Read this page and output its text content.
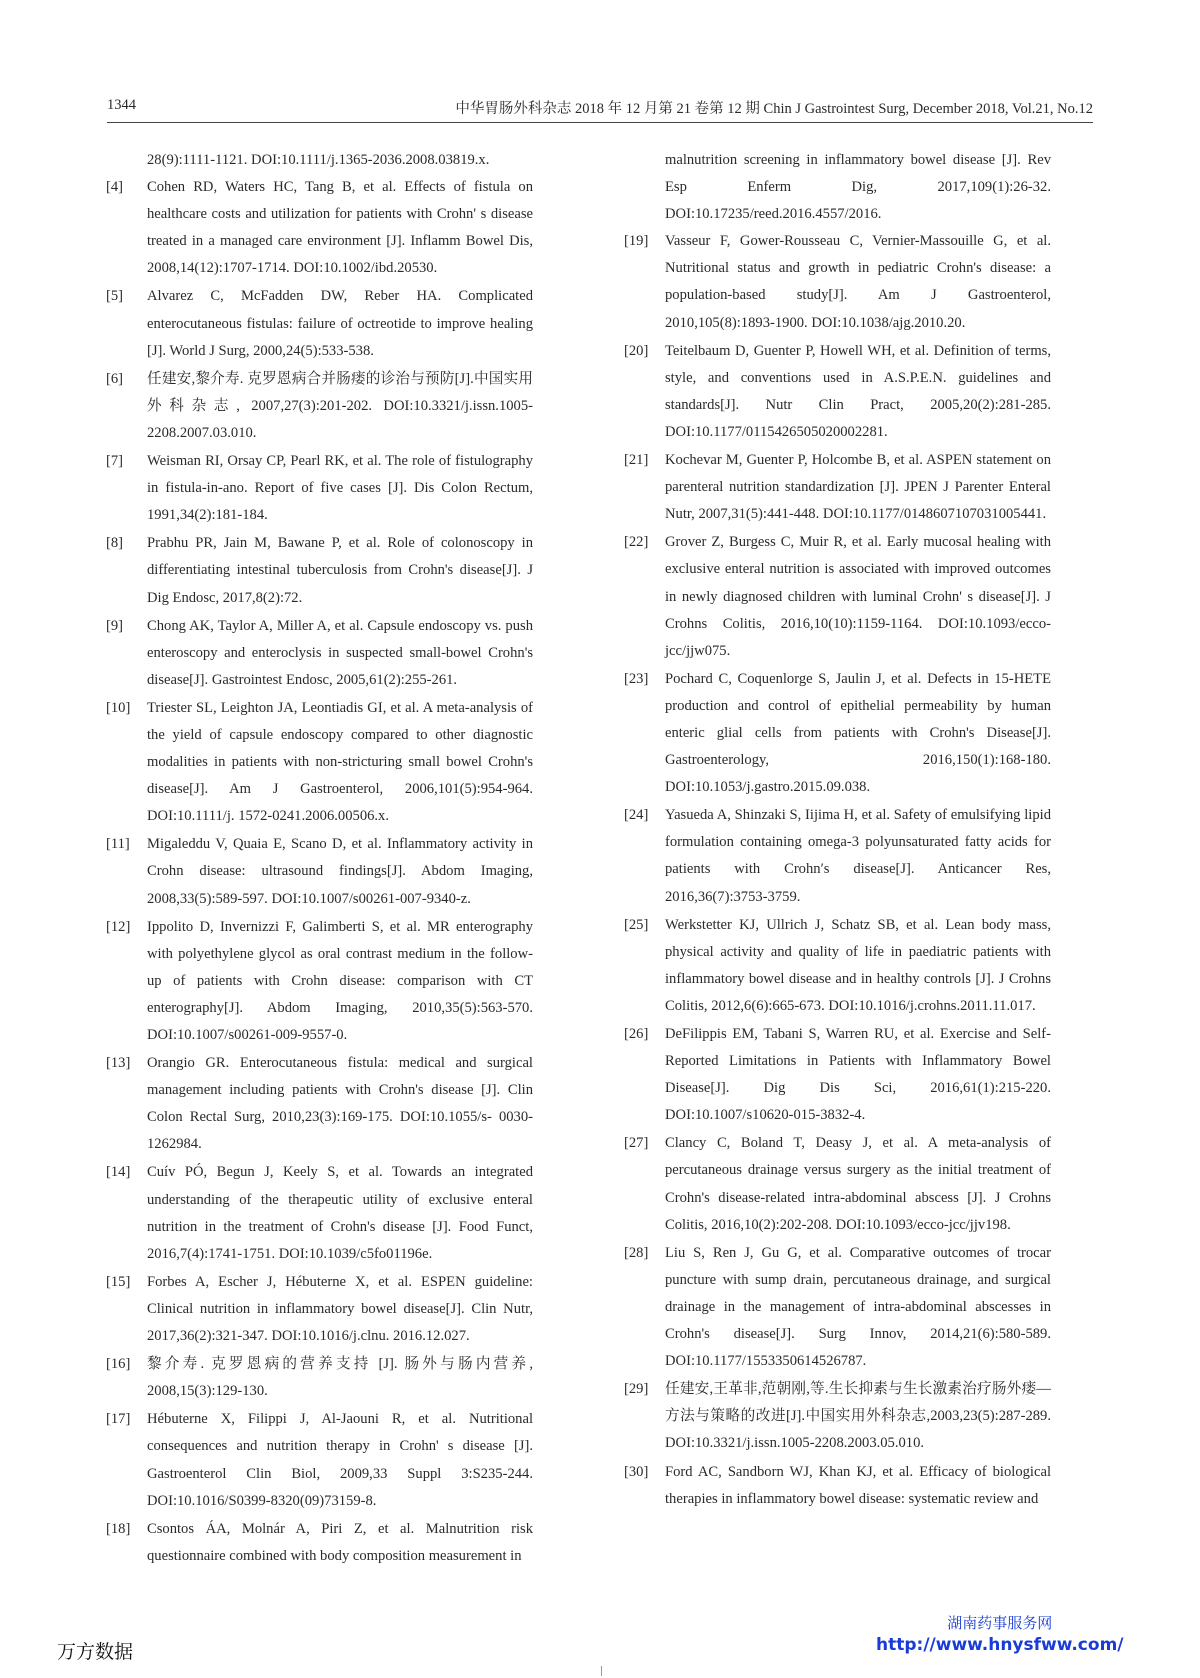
1344	中华胃肠外科杂志 2018 年 12 月第 21 卷第 12 期 Chin J Gastrointest Surg, December 2018, Vol.21, No.12
28(9):1111-1121. DOI:10.1111/j.1365-2036.2008.03819.x.
[4] Cohen RD, Waters HC, Tang B, et al. Effects of fistula on healthcare costs and utilization for patients with Crohn' s disease treated in a managed care environment [J]. Inflamm Bowel Dis, 2008,14(12):1707-1714. DOI:10.1002/ibd.20530.
[5] Alvarez C, McFadden DW, Reber HA. Complicated enterocutaneous fistulas: failure of octreotide to improve healing [J]. World J Surg, 2000,24(5):533-538.
[6] 任建安,黎介寿. 克罗恩病合并肠瘘的诊治与预防[J].中国实用外科杂志, 2007,27(3):201-202. DOI:10.3321/j.issn.1005-2208.2007.03.010.
[7] Weisman RI, Orsay CP, Pearl RK, et al. The role of fistulography in fistula-in-ano. Report of five cases [J]. Dis Colon Rectum, 1991,34(2):181-184.
[8] Prabhu PR, Jain M, Bawane P, et al. Role of colonoscopy in differentiating intestinal tuberculosis from Crohn's disease[J]. J Dig Endosc, 2017,8(2):72.
[9] Chong AK, Taylor A, Miller A, et al. Capsule endoscopy vs. push enteroscopy and enteroclysis in suspected small-bowel Crohn's disease[J]. Gastrointest Endosc, 2005,61(2):255-261.
[10] Triester SL, Leighton JA, Leontiadis GI, et al. A meta-analysis of the yield of capsule endoscopy compared to other diagnostic modalities in patients with non-stricturing small bowel Crohn's disease[J]. Am J Gastroenterol, 2006,101(5):954-964. DOI:10.1111/j. 1572-0241.2006.00506.x.
[11] Migaleddu V, Quaia E, Scano D, et al. Inflammatory activity in Crohn disease: ultrasound findings[J]. Abdom Imaging, 2008,33(5):589-597. DOI:10.1007/s00261-007-9340-z.
[12] Ippolito D, Invernizzi F, Galimberti S, et al. MR enterography with polyethylene glycol as oral contrast medium in the follow-up of patients with Crohn disease: comparison with CT enterography[J]. Abdom Imaging, 2010,35(5):563-570. DOI:10.1007/s00261-009-9557-0.
[13] Orangio GR. Enterocutaneous fistula: medical and surgical management including patients with Crohn's disease [J]. Clin Colon Rectal Surg, 2010,23(3):169-175. DOI:10.1055/s- 0030-1262984.
[14] Cuív PÓ, Begun J, Keely S, et al. Towards an integrated understanding of the therapeutic utility of exclusive enteral nutrition in the treatment of Crohn's disease [J]. Food Funct, 2016,7(4):1741-1751. DOI:10.1039/c5fo01196e.
[15] Forbes A, Escher J, Hébuterne X, et al. ESPEN guideline: Clinical nutrition in inflammatory bowel disease[J]. Clin Nutr, 2017,36(2):321-347. DOI:10.1016/j.clnu. 2016.12.027.
[16] 黎介寿. 克罗恩病的营养支持 [J]. 肠外与肠内营养, 2008,15(3):129-130.
[17] Hébuterne X, Filippi J, Al-Jaouni R, et al. Nutritional consequences and nutrition therapy in Crohn' s disease [J]. Gastroenterol Clin Biol, 2009,33 Suppl 3:S235-244. DOI:10.1016/S0399-8320(09)73159-8.
[18] Csontos ÁA, Molnár A, Piri Z, et al. Malnutrition risk questionnaire combined with body composition measurement in
malnutrition screening in inflammatory bowel disease [J]. Rev Esp Enferm Dig, 2017,109(1):26-32. DOI:10.17235/reed.2016.4557/2016.
[19] Vasseur F, Gower-Rousseau C, Vernier-Massouille G, et al. Nutritional status and growth in pediatric Crohn's disease: a population-based study[J]. Am J Gastroenterol, 2010,105(8):1893-1900. DOI:10.1038/ajg.2010.20.
[20] Teitelbaum D, Guenter P, Howell WH, et al. Definition of terms, style, and conventions used in A.S.P.E.N. guidelines and standards[J]. Nutr Clin Pract, 2005,20(2):281-285. DOI:10.1177/0115426505020002281.
[21] Kochevar M, Guenter P, Holcombe B, et al. ASPEN statement on parenteral nutrition standardization [J]. JPEN J Parenter Enteral Nutr, 2007,31(5):441-448. DOI:10.1177/0148607107031005441.
[22] Grover Z, Burgess C, Muir R, et al. Early mucosal healing with exclusive enteral nutrition is associated with improved outcomes in newly diagnosed children with luminal Crohn' s disease[J]. J Crohns Colitis, 2016,10(10):1159-1164. DOI:10.1093/ecco-jcc/jjw075.
[23] Pochard C, Coquenlorge S, Jaulin J, et al. Defects in 15-HETE production and control of epithelial permeability by human enteric glial cells from patients with Crohn's Disease[J]. Gastroenterology, 2016,150(1):168-180. DOI:10.1053/j.gastro.2015.09.038.
[24] Yasueda A, Shinzaki S, Iijima H, et al. Safety of emulsifying lipid formulation containing omega-3 polyunsaturated fatty acids for patients with Crohn′s disease[J]. Anticancer Res, 2016,36(7):3753-3759.
[25] Werkstetter KJ, Ullrich J, Schatz SB, et al. Lean body mass, physical activity and quality of life in paediatric patients with inflammatory bowel disease and in healthy controls [J]. J Crohns Colitis, 2012,6(6):665-673. DOI:10.1016/j.crohns.2011.11.017.
[26] DeFilippis EM, Tabani S, Warren RU, et al. Exercise and Self-Reported Limitations in Patients with Inflammatory Bowel Disease[J]. Dig Dis Sci, 2016,61(1):215-220. DOI:10.1007/s10620-015-3832-4.
[27] Clancy C, Boland T, Deasy J, et al. A meta-analysis of percutaneous drainage versus surgery as the initial treatment of Crohn's disease-related intra-abdominal abscess [J]. J Crohns Colitis, 2016,10(2):202-208. DOI:10.1093/ecco-jcc/jjv198.
[28] Liu S, Ren J, Gu G, et al. Comparative outcomes of trocar puncture with sump drain, percutaneous drainage, and surgical drainage in the management of intra-abdominal abscesses in Crohn's disease[J]. Surg Innov, 2014,21(6):580-589. DOI:10.1177/1553350614526787.
[29] 任建安,王革非,范朝刚,等.生长抑素与生长激素治疗肠外瘘—方法与策略的改进[J].中国实用外科杂志,2003,23(5):287-289. DOI:10.3321/j.issn.1005-2208.2003.05.010.
[30] Ford AC, Sandborn WJ, Khan KJ, et al. Efficacy of biological therapies in inflammatory bowel disease: systematic review and
万方数据
湖南药事服务网
http://www.hnysfww.com/
